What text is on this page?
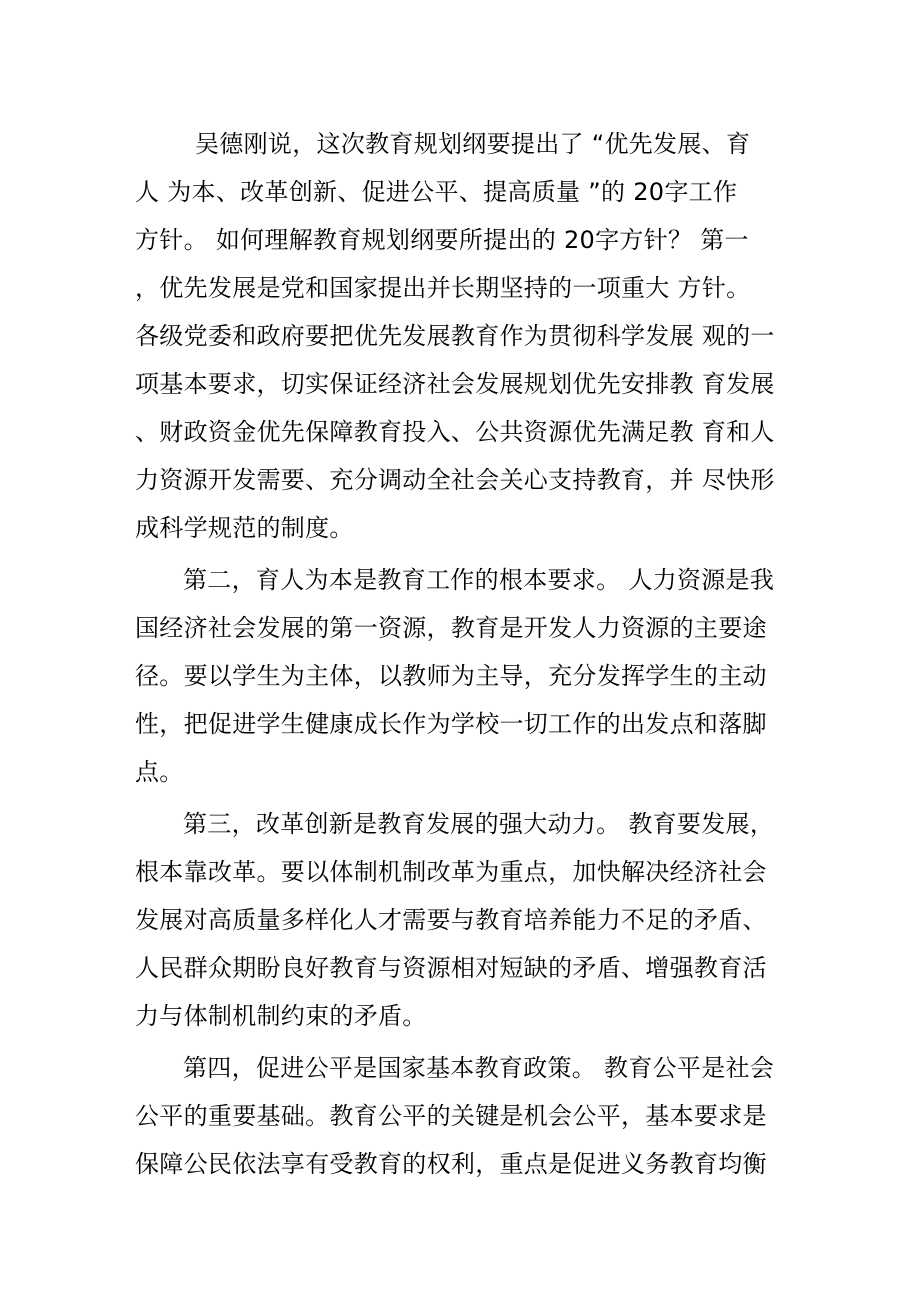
吴德刚说，这次教育规划纲要提出了 “优先发展、育
人 为本、改革创新、促进公平、提高质量 ”的 20字工作
方针。 如何理解教育规划纲要所提出的 20字方针？ 第一
，优先发展是党和国家提出并长期坚持的一项重大 方针。
各级党委和政府要把优先发展教育作为贯彻科学发展 观的一
项基本要求，切实保证经济社会发展规划优先安排教 育发展
、财政资金优先保障教育投入、公共资源优先满足教 育和人
力资源开发需要、充分调动全社会关心支持教育，并 尽快形
成科学规范的制度。
第二，育人为本是教育工作的根本要求。 人力资源是我
国经济社会发展的第一资源，教育是开发人力资源的主要途
径。要以学生为主体，以教师为主导，充分发挥学生的主动
性，把促进学生健康成长作为学校一切工作的出发点和落脚
点。
第三，改革创新是教育发展的强大动力。 教育要发展，
根本靠改革。要以体制机制改革为重点，加快解决经济社会
发展对高质量多样化人才需要与教育培养能力不足的矛盾、
人民群众期盼良好教育与资源相对短缺的矛盾、增强教育活
力与体制机制约束的矛盾。
第四，促进公平是国家基本教育政策。 教育公平是社会
公平的重要基础。教育公平的关键是机会公平，基本要求是
保障公民依法享有受教育的权利，重点是促进义务教育均衡
